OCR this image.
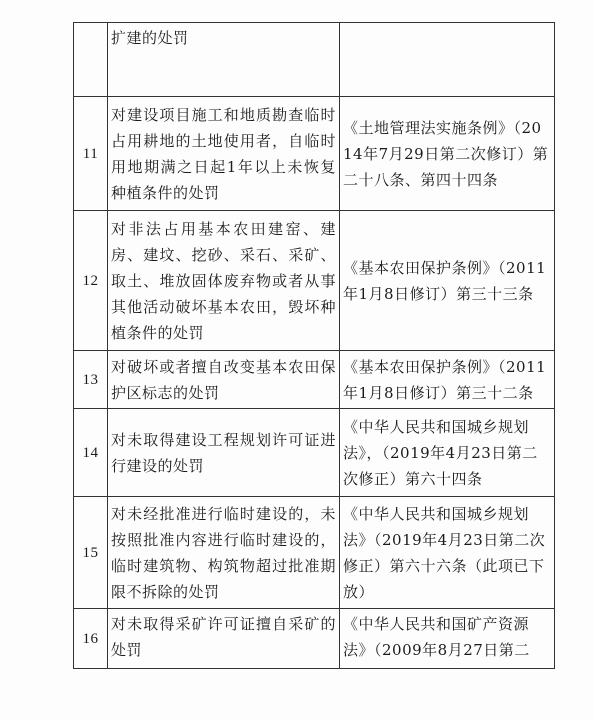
	扩建的处罚	
11	对建设项目施工和地质勘查临时占用耕地的土地使用者，自临时用地期满之日起1年以上未恢复种植条件的处罚	《土地管理法实施条例》（2014年7月29日第二次修订）第二十八条、第四十四条
12	对非法占用基本农田建窑、建房、建坟、挖砂、采石、采矿、取土、堆放固体废弃物或者从事其他活动破坏基本农田，毁坏种植条件的处罚	《基本农田保护条例》（2011年1月8日修订）第三十三条
13	对破坏或者擅自改变基本农田保护区标志的处罚	《基本农田保护条例》（2011年1月8日修订）第三十二条
14	对未取得建设工程规划许可证进行建设的处罚	《中华人民共和国城乡规划法》，（2019年4月23日第二次修正）第六十四条
15	对未经批准进行临时建设的，未按照批准内容进行临时建设的，临时建筑物、构筑物超过批准期限不拆除的处罚	《中华人民共和国城乡规划法》（2019年4月23日第二次修正）第六十六条（此项已下放）
16	对未取得采矿许可证擅自采矿的处罚	《中华人民共和国矿产资源法》（2009年8月27日第二
